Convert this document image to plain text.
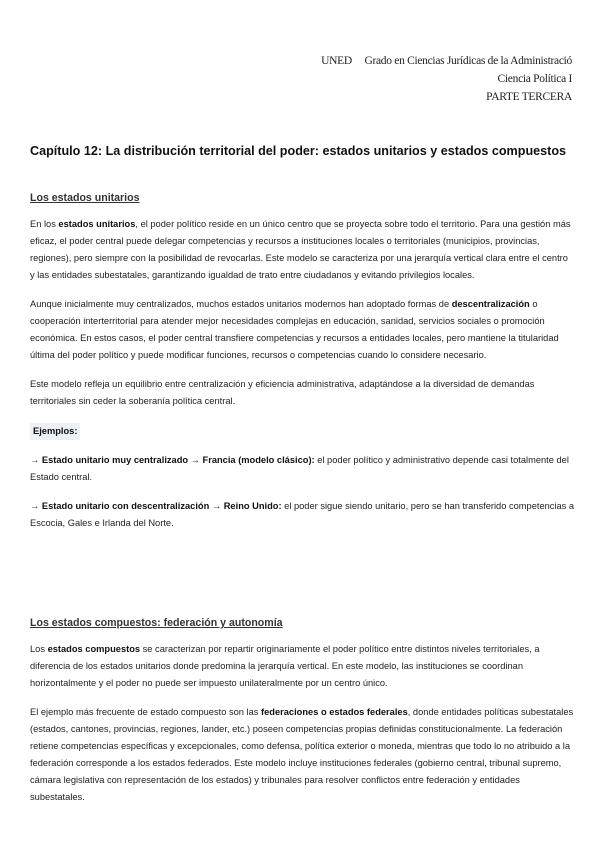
UNED Grado en Ciencias Jurídicas de la Administració
Ciencia Política I
PARTE TERCERA
Capítulo 12: La distribución territorial del poder: estados unitarios y estados compuestos
Los estados unitarios

En los estados unitarios, el poder político reside en un único centro que se proyecta sobre todo el territorio. Para una gestión más eficaz, el poder central puede delegar competencias y recursos a instituciones locales o territoriales (municipios, provincias, regiones), pero siempre con la posibilidad de revocarlas. Este modelo se caracteriza por una jerarquía vertical clara entre el centro y las entidades subestatales, garantizando igualdad de trato entre ciudadanos y evitando privilegios locales.

Aunque inicialmente muy centralizados, muchos estados unitarios modernos han adoptado formas de descentralización o cooperación interterritorial para atender mejor necesidades complejas en educación, sanidad, servicios sociales o promoción económica. En estos casos, el poder central transfiere competencias y recursos a entidades locales, pero mantiene la titularidad última del poder político y puede modificar funciones, recursos o competencias cuando lo considere necesario.

Este modelo refleja un equilibrio entre centralización y eficiencia administrativa, adaptándose a la diversidad de demandas territoriales sin ceder la soberanía política central.

Ejemplos:

→ Estado unitario muy centralizado → Francia (modelo clásico): el poder político y administrativo depende casi totalmente del Estado central.

→ Estado unitario con descentralización → Reino Unido: el poder sigue siendo unitario, pero se han transferido competencias a Escocia, Gales e Irlanda del Norte.

Los estados compuestos: federación y autonomía

Los estados compuestos se caracterizan por repartir originariamente el poder político entre distintos niveles territoriales, a diferencia de los estados unitarios donde predomina la jerarquía vertical. En este modelo, las instituciones se coordinan horizontalmente y el poder no puede ser impuesto unilateralmente por un centro único.

El ejemplo más frecuente de estado compuesto son las federaciones o estados federales, donde entidades políticas subestatales (estados, cantones, provincias, regiones, lander, etc.) poseen competencias propias definidas constitucionalmente. La federación retiene competencias específicas y excepcionales, como defensa, política exterior o moneda, mientras que todo lo no atribuido a la federación corresponde a los estados federados. Este modelo incluye instituciones federales (gobierno central, tribunal supremo, cámara legislativa con representación de los estados) y tribunales para resolver conflictos entre federación y entidades subestatales.
